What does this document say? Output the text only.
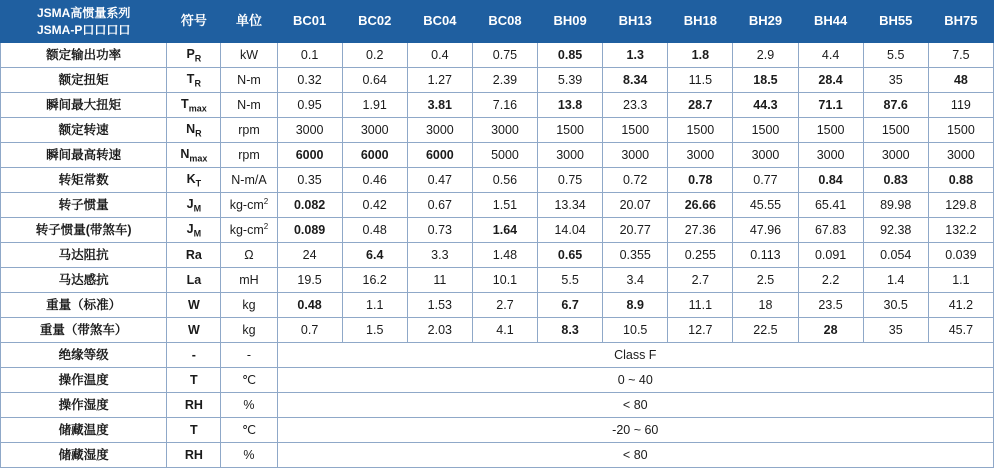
JSMA高惯量系列
JSMA-P口口口口	符号	单位	BC01	BC02	BC04	BC08	BH09	BH13	BH18	BH29	BH44	BH55	BH75
额定输出功率	$P_R$	kW	0.1	0.2	0.4	0.75	0.85	1.3	1.8	2.9	4.4	5.5	7.5
额定扭矩	$T_R$	N-m	0.32	0.64	1.27	2.39	5.39	8.34	11.5	18.5	28.4	35	48
瞬间最大扭矩	$T_{max}$	N-m	0.95	1.91	3.81	7.16	13.8	23.3	28.7	44.3	71.1	87.6	119
额定转速	$N_R$	rpm	3000	3000	3000	3000	1500	1500	1500	1500	1500	1500	1500
瞬间最高转速	$N_{max}$	rpm	6000	6000	6000	5000	3000	3000	3000	3000	3000	3000	3000
转矩常数	$K_T$	N-m/A	0.35	0.46	0.47	0.56	0.75	0.72	0.78	0.77	0.84	0.83	0.88
转子惯量	$J_M$	$kg-cm^2$	0.082	0.42	0.67	1.51	13.34	20.07	26.66	45.55	65.41	89.98	129.8
转子惯量(带煞车)	$J_M$	$kg-cm^2$	0.089	0.48	0.73	1.64	14.04	20.77	27.36	47.96	67.83	92.38	132.2
马达阻抗	Ra	Ω	24	6.4	3.3	1.48	0.65	0.355	0.255	0.113	0.091	0.054	0.039
马达感抗	La	mH	19.5	16.2	11	10.1	5.5	3.4	2.7	2.5	2.2	1.4	1.1
重量（标准）	W	kg	0.48	1.1	1.53	2.7	6.7	8.9	11.1	18	23.5	30.5	41.2
重量（带煞车）	W	kg	0.7	1.5	2.03	4.1	8.3	10.5	12.7	22.5	28	35	45.7
绝缘等级	-	-	Class F										
操作温度	T	℃	0 ~ 40										
操作湿度	RH	%	< 80										
储藏温度	T	℃	-20 ~ 60										
储藏湿度	RH	%	< 80										
